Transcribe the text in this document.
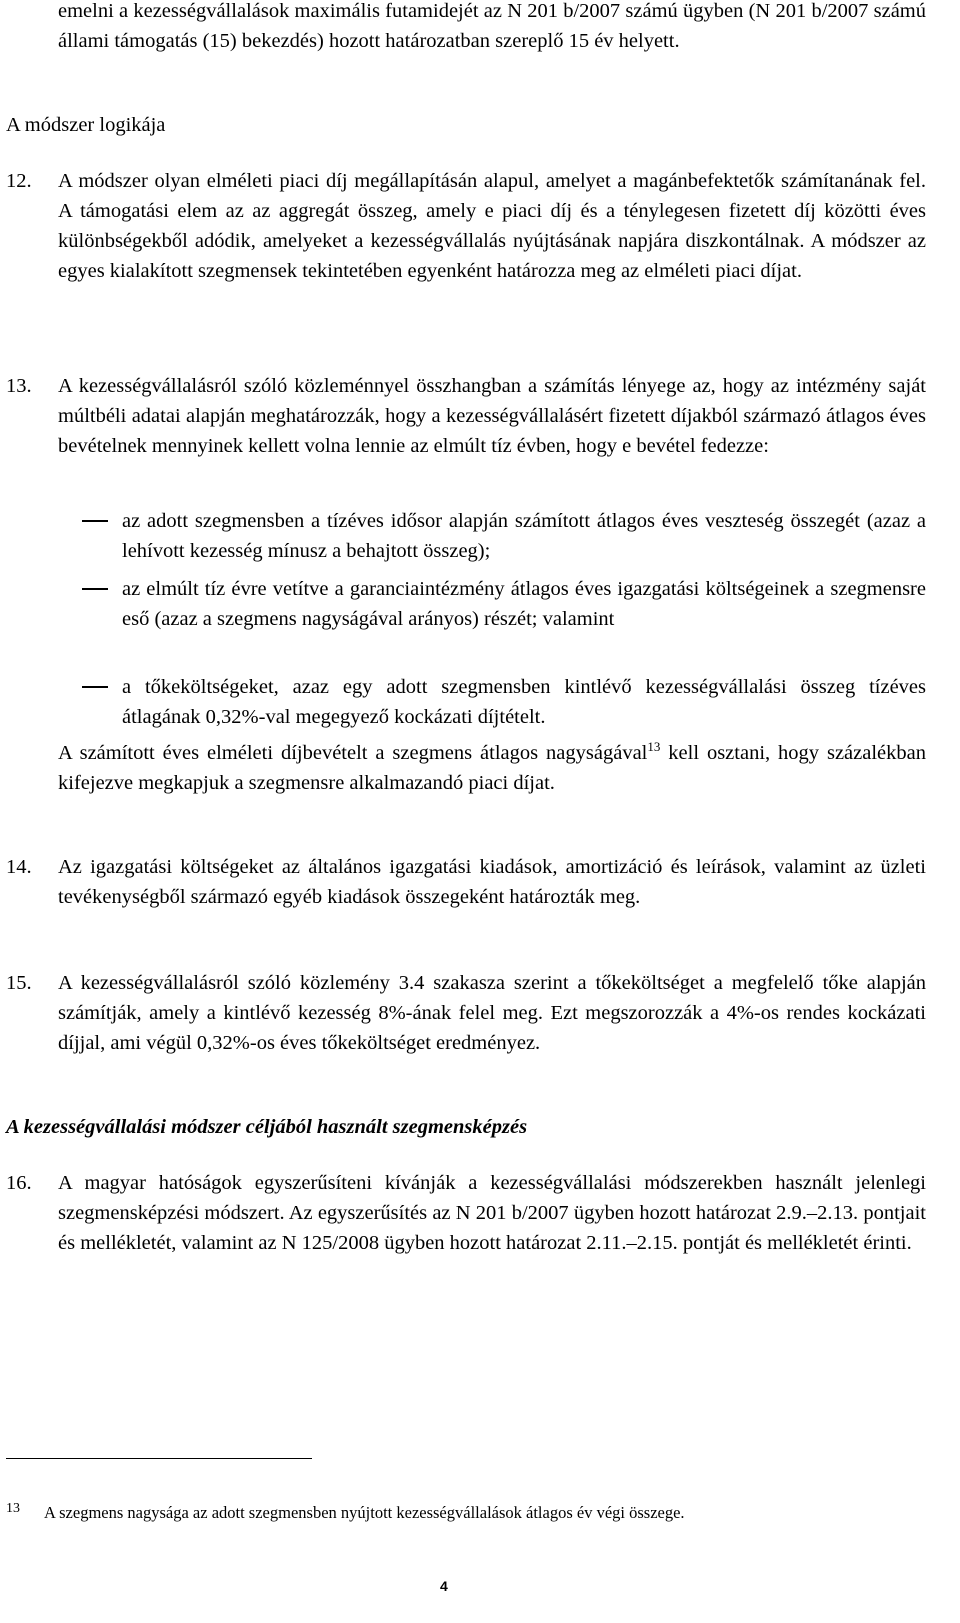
emelni a kezességvállalások maximális futamidejét az N 201 b/2007 számú ügyben (N 201 b/2007 számú állami támogatás (15) bekezdés) hozott határozatban szereplő 15 év helyett.

A módszer logikája
12.	A módszer olyan elméleti piaci díj megállapításán alapul, amelyet a magánbefektetők számítanának fel. A támogatási elem az az aggregát összeg, amely e piaci díj és a ténylegesen fizetett díj közötti éves különbségekből adódik, amelyeket a kezességvállalás nyújtásának napjára diszkontálnak. A módszer az egyes kialakított szegmensek tekintetében egyenként határozza meg az elméleti piaci díjat.
13.	A kezességvállalásról szóló közleménnyel összhangban a számítás lényege az, hogy az intézmény saját múltbéli adatai alapján meghatározzák, hogy a kezességvállalásért fizetett díjakból származó átlagos éves bevételnek mennyinek kellett volna lennie az elmúlt tíz évben, hogy e bevétel fedezze:
az adott szegmensben a tízéves idősor alapján számított átlagos éves veszteség összegét (azaz a lehívott kezesség mínusz a behajtott összeg);
az elmúlt tíz évre vetítve a garanciaintézmény átlagos éves igazgatási költségeinek a szegmensre eső (azaz a szegmens nagyságával arányos) részét; valamint
a tőkeköltségeket, azaz egy adott szegmensben kintlévő kezességvállalási összeg tízéves átlagának 0,32%-val megegyező kockázati díjtételt.

A számított éves elméleti díjbevételt a szegmens átlagos nagyságával$^{13}$ kell osztani, hogy százalékban kifejezve megkapjuk a szegmensre alkalmazandó piaci díjat.

14.	Az igazgatási költségeket az általános igazgatási kiadások, amortizáció és leírások, valamint az üzleti tevékenységből származó egyéb kiadások összegeként határozták meg.
15.	A kezességvállalásról szóló közlemény 3.4 szakasza szerint a tőkeköltséget a megfelelő tőke alapján számítják, amely a kintlévő kezesség 8%-ának felel meg. Ezt megszorozzák a 4%-os rendes kockázati díjjal, ami végül 0,32%-os éves tőkeköltséget eredményez.
A kezességvállalási módszer céljából használt szegmensképzés
16.	A magyar hatóságok egyszerűsíteni kívánják a kezességvállalási módszerekben használt jelenlegi szegmensképzési módszert. Az egyszerűsítés az N 201 b/2007 ügyben hozott határozat 2.9.–2.13. pontjait és mellékletét, valamint az N 125/2008 ügyben hozott határozat 2.11.–2.15. pontját és mellékletét érinti.
13 A szegmens nagysága az adott szegmensben nyújtott kezességvállalások átlagos év végi összege.
4
